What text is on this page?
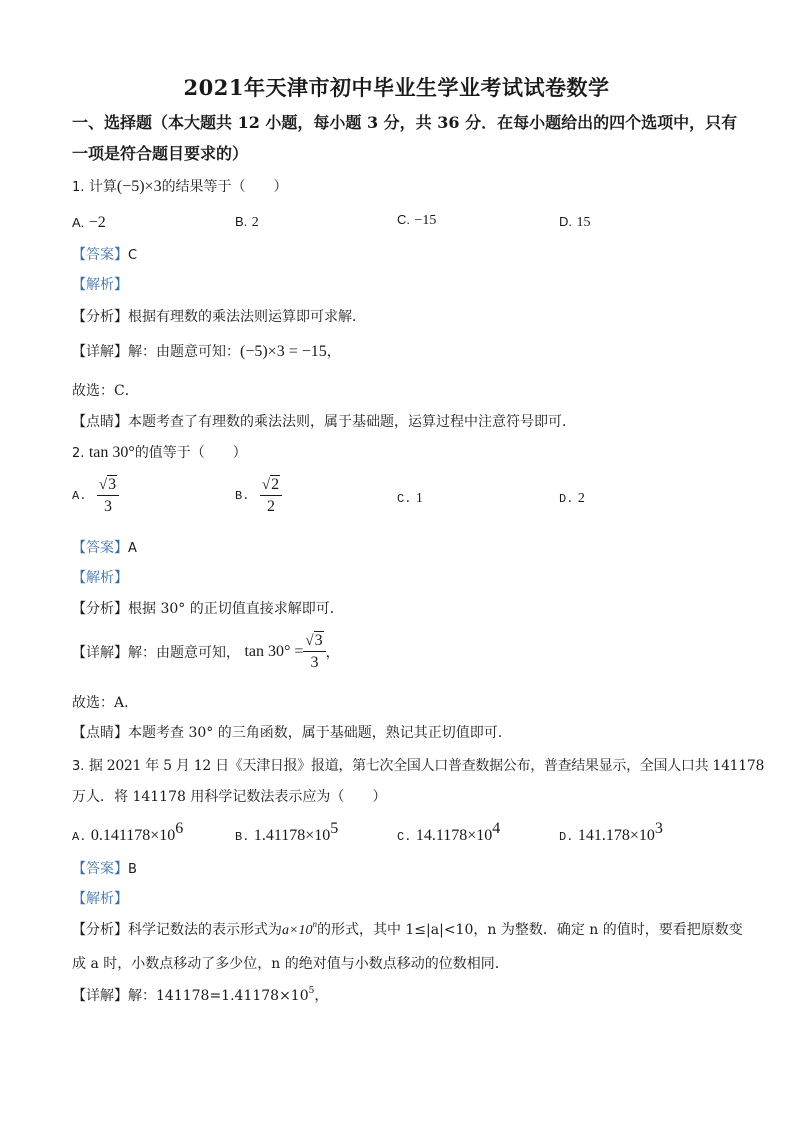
2021年天津市初中毕业生学业考试试卷数学
一、选择题（本大题共 12 小题，每小题 3 分，共 36 分．在每小题给出的四个选项中，只有
一项是符合题目要求的）
1. 计算(−5)×3的结果等于（　　）
A. −2	B. 2	C. −15	D. 15
【答案】C
【解析】
【分析】根据有理数的乘法法则运算即可求解．
【详解】解：由题意可知：(−5)×3 = −15，
故选：C．
【点睛】本题考查了有理数的乘法法则，属于基础题，运算过程中注意符号即可．
2. tan 30°的值等于（　　）
A. $\frac{√3}{3}$	B. $\frac{√2}{2}$	C. 1	D. 2
【答案】A
【解析】
【分析】根据 30° 的正切值直接求解即可．
【详解】解：由题意可知， $\tan 30^\circ = \frac{√3}{3}$ ，
故选：A．
【点睛】本题考查 30° 的三角函数，属于基础题，熟记其正切值即可．
3. 据 2021 年 5 月 12 日《天津日报》报道，第七次全国人口普查数据公布，普查结果显示，全国人口共 141178
万人．将 141178 用科学记数法表示应为（　　）
A. $0.141178\times 10^6$	B. $1.41178\times 10^5$	C. $14.1178\times 10^4$	D. $141.178\times 10^3$
【答案】B
【解析】
【分析】科学记数法的表示形式为$a\times 10^n$的形式，其中 1≤|a|<10，n 为整数．确定 n 的值时，要看把原数变
成 a 时，小数点移动了多少位，n 的绝对值与小数点移动的位数相同．
【详解】解：$141178=1.41178\times 10^5$，
